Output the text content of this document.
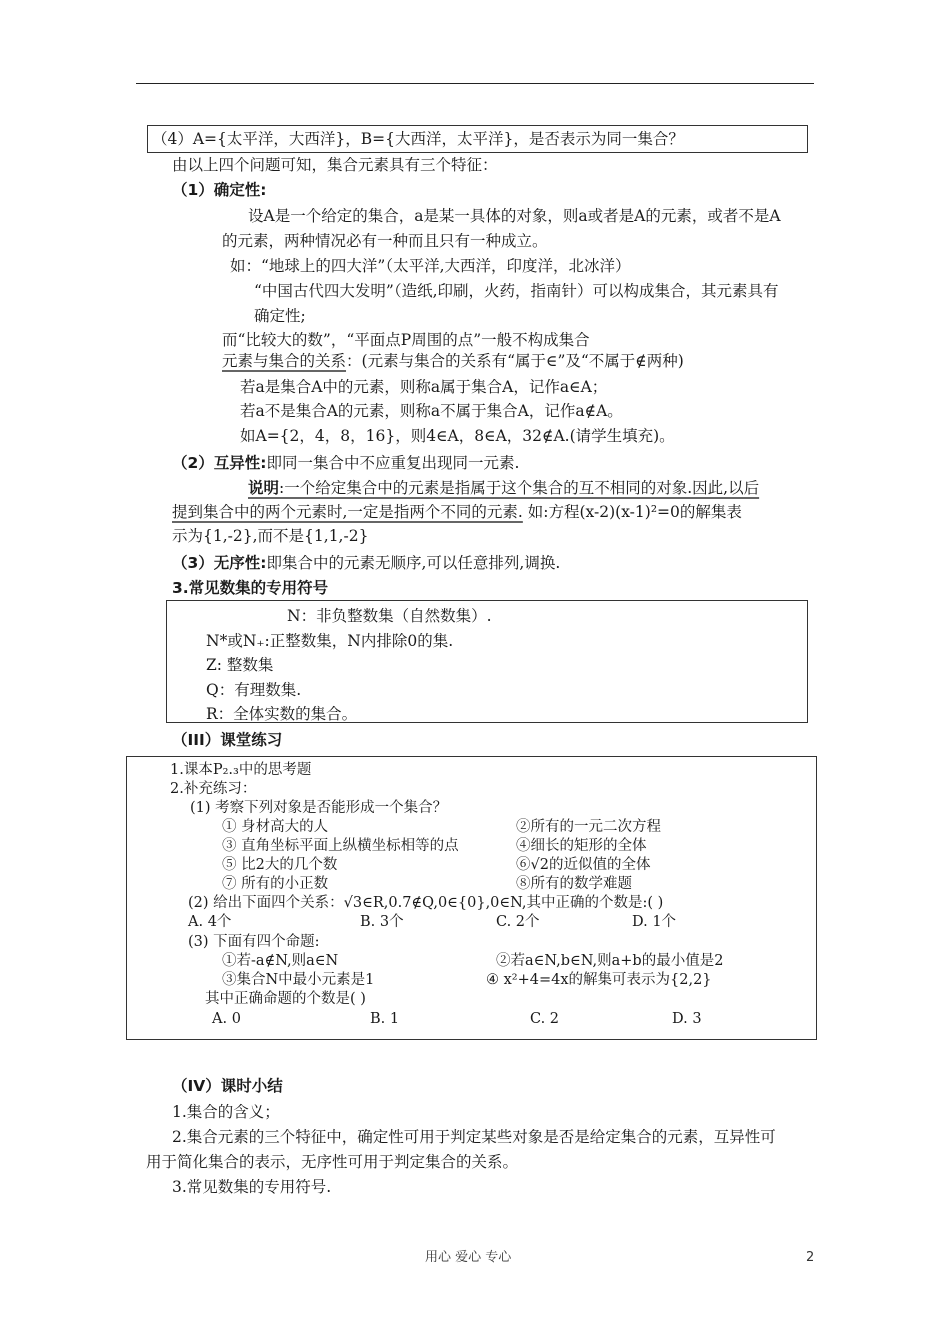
（4）A={太平洋，大西洋}，B={大西洋，太平洋}，是否表示为同一集合？
由以上四个问题可知，集合元素具有三个特征：
（1）确定性:
设A是一个给定的集合，a是某一具体的对象，则a或者是A的元素，或者不是A
的元素，两种情况必有一种而且只有一种成立。
如：“地球上的四大洋”（太平洋,大西洋，印度洋，北冰洋）
“中国古代四大发明”（造纸,印刷，火药，指南针）可以构成集合，其元素具有
确定性;
而“比较大的数”，“平面点P周围的点”一般不构成集合
元素与集合的关系：(元素与集合的关系有“属于∈”及“不属于∉两种)
若a是集合A中的元素，则称a属于集合A，记作a∈A；
若a不是集合A的元素，则称a不属于集合A，记作a∉A。
如A={2，4，8，16}，则4∈A，8∈A，32∉A.(请学生填充)。
（2）互异性:即同一集合中不应重复出现同一元素.
说明:一个给定集合中的元素是指属于这个集合的互不相同的对象.因此,以后
提到集合中的两个元素时,一定是指两个不同的元素. 如:方程(x-2)(x-1)²=0的解集表
示为{1,-2},而不是{1,1,-2}
（3）无序性:即集合中的元素无顺序,可以任意排列,调换.
3.常见数集的专用符号
N：非负整数集（自然数集）.
N*或N₊:正整数集，N内排除0的集.
Z: 整数集
Q：有理数集.
R：全体实数的集合。
（III）课堂练习
1.课本P₂.₃中的思考题
2.补充练习：
(1) 考察下列对象是否能形成一个集合？
① 身材高大的人	②所有的一元二次方程
③ 直角坐标平面上纵横坐标相等的点	④细长的矩形的全体
⑤ 比2大的几个数	⑥√2的近似值的全体
⑦ 所有的小正数	⑧所有的数学难题
(2) 给出下面四个关系：√3∈R,0.7∉Q,0∈{0},0∈N,其中正确的个数是:( )
A. 4个	B. 3个	C. 2个	D. 1个
(3) 下面有四个命题:
①若-a∉N,则a∈N	②若a∈N,b∈N,则a+b的最小值是2
③集合N中最小元素是1	④ x²+4=4x的解集可表示为{2,2}
其中正确命题的个数是( )
A. 0	B. 1	C. 2	D. 3
（IV）课时小结
1.集合的含义；
2.集合元素的三个特征中，确定性可用于判定某些对象是否是给定集合的元素，互异性可
用于简化集合的表示，无序性可用于判定集合的关系。
3.常见数集的专用符号.
用心 爱心 专心	2
